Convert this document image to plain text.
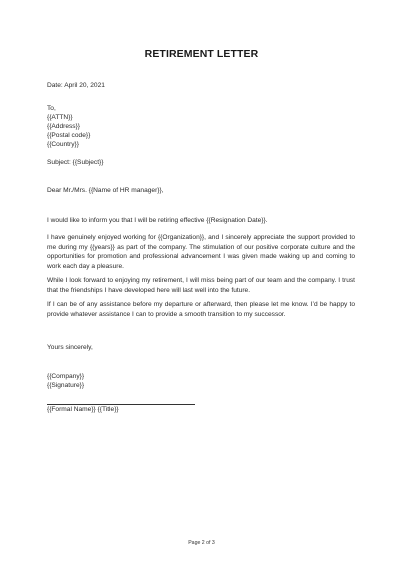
RETIREMENT LETTER
Date: April 20, 2021
To,
{{ATTN}}
{{Address}}
{{Postal code}}
{{Country}}
Subject: {{Subject}}
Dear Mr./Mrs. {{Name of HR manager}},
I would like to inform you that I will be retiring effective {{Resignation Date}}.
I have genuinely enjoyed working for {{Organization}}, and I sincerely appreciate the support provided to me during my {{years}} as part of the company. The stimulation of our positive corporate culture and the opportunities for promotion and professional advancement I was given made waking up and coming to work each day a pleasure.
While I look forward to enjoying my retirement, I will miss being part of our team and the company. I trust that the friendships I have developed here will last well into the future.
If I can be of any assistance before my departure or afterward, then please let me know. I’d be happy to provide whatever assistance I can to provide a smooth transition to my successor.
Yours sincerely,
{{Company}}
{{Signature}}
{{Formal Name}} {{Title}}
Page 2 of 3
